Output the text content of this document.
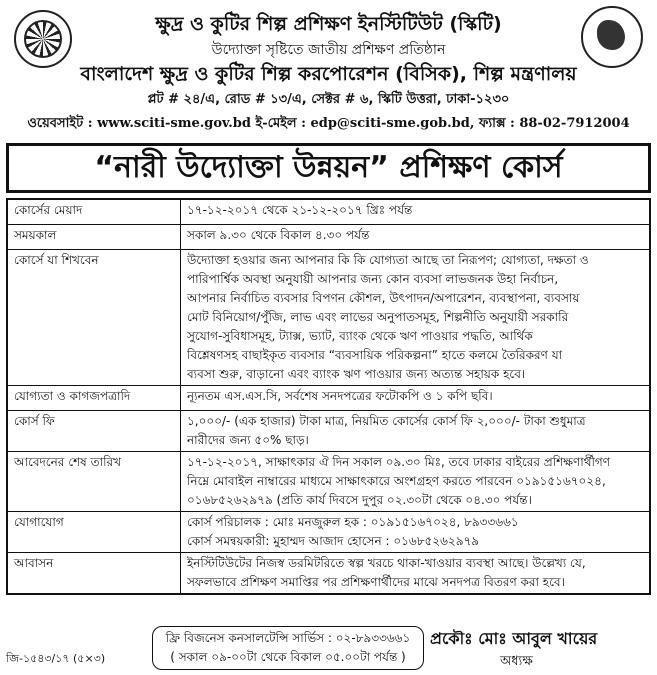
ক্ষুদ্র ও কুটির শিল্প প্রশিক্ষণ ইনস্টিটিউট (স্কিটি)
উদ্যোক্তা সৃষ্টিতে জাতীয় প্রশিক্ষণ প্রতিষ্ঠান
বাংলাদেশ ক্ষুদ্র ও কুটির শিল্প করপোরেশন (বিসিক), শিল্প মন্ত্রণালয়
প্লট # ২৪/এ, রোড # ১৩/এ, সেক্টর # ৬, স্কিটি উত্তরা, ঢাকা-১২৩০
ওয়েবসাইট : www.sciti-sme.gov.bd ই-মেইল : edp@sciti-sme.gob.bd, ফ্যাক্স : 88-02-7912004
“নারী উদ্যোক্তা উন্নয়ন” প্রশিক্ষণ কোর্স
কোর্সের মেয়াদ	১৭-১২-২০১৭ থেকে ২১-১২-২০১৭ খ্রিঃ পর্যন্ত
সময়কাল	সকাল ৯.৩০ থেকে বিকাল ৪.৩০ পর্যন্ত
কোর্সে যা শিখবেন	উদ্যোক্তা হওয়ার জন্য আপনার কি কি যোগ্যতা আছে তা নিরূপণ; যোগ্যতা, দক্ষতা ও
পারিপার্শ্বিক অবস্থা অনুযায়ী আপনার জন্য কোন ব্যবসা লাভজনক উহা নির্বাচন,
আপনার নির্বাচিত ব্যবসার বিপণন কৌশল, উৎপাদন/অপারেশন, ব্যবস্থাপনা, ব্যবসায়
মোট বিনিয়োগ/পুঁজি, লাভ এবং লাভের অনুপাতসমূহ, শিল্পনীতি অনুযায়ী সরকারি
সুযোগ-সুবিধাসমূহ, ট্যাক্স, ভ্যাট, ব্যাংক থেকে ঋণ পাওয়ার পদ্ধতি, আর্থিক
বিশ্লেষণসহ বাছাইকৃত ব্যবসার “ব্যবসায়িক পরিকল্পনা” হাতে কলমে তৈরিকরণ যা
ব্যবসা শুরু, বাড়ানো এবং ব্যাংক ঋণ পাওয়ার জন্য অত্যন্ত সহায়ক হবে।
যোগ্যতা ও কাগজপত্রাদি	ন্যূনতম এস.এস.সি, সর্বশেষ সনদপত্রের ফটোকপি ও ১ কপি ছবি।
কোর্স ফি	১,০০০/- (এক হাজার) টাকা মাত্র, নিয়মিত কোর্সের কোর্স ফি ২,০০০/- টাকা শুধুমাত্র
নারীদের জন্য ৫০% ছাড়।
আবেদনের শেষ তারিখ	১৭-১২-২০১৭, সাক্ষাৎকার ঐ দিন সকাল ০৯.৩০ মিঃ, তবে ঢাকার বাইরের প্রশিক্ষণার্থীগণ
নিম্নে মোবাইল নাম্বারের মাধ্যমে সাক্ষাৎকারে অংশগ্রহণ করতে পারবেন ০১৯১৫১৬৭০২৪,
০১৬৮৫২৬২৯৭৯ (প্রতি কার্য দিবসে দুপুর ০২.৩০টা থেকে ০৪.৩০ পর্যন্ত।
যোগাযোগ	কোর্স পরিচালক : মোঃ মনজুরুল হক : ০১৯১৫১৬৭০২৪, ৮৯৩৩৬৬১
কোর্স সমন্বয়কারী: মুহাম্মদ আজাদ হোসেন : ০১৬৮৫২৬২৯৭৯
আবাসন	ইনস্টিটিউটের নিজস্ব ডরমিটরিতে স্বল্প খরচে থাকা-খাওয়ার ব্যবস্থা আছে। উল্লেখ্য যে,
সফলভাবে প্রশিক্ষণ সমাপ্তির পর প্রশিক্ষণার্থীদের মাঝে সনদপত্র বিতরণ করা হবে।
ফ্রি বিজনেস কনসালটেন্সি সার্ভিস : ০২-৮৯৩৩৬৬১
( সকাল ০৯-০০টা থেকে বিকাল ০৫.০০টা পর্যন্ত )
জি-১৫৪৩/১৭ (৫×৩)
প্রকৌঃ মোঃ আবুল খায়ের
অধ্যক্ষ
